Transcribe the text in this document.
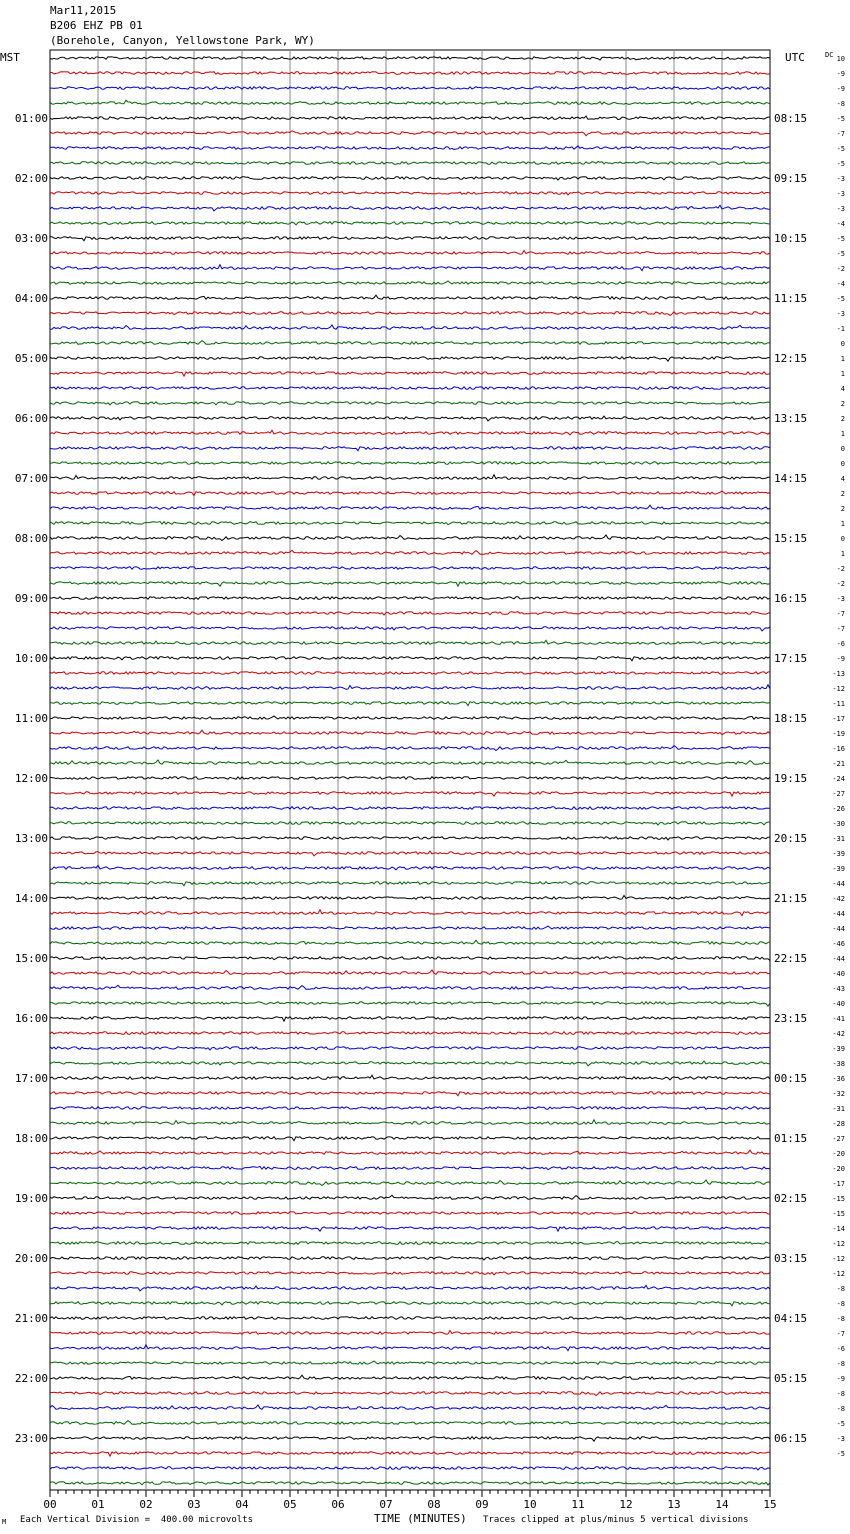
Mar11,2015
B206 EHZ PB 01
(Borehole, Canyon, Yellowstone Park, WY)
MST	UTC	DC
01:00
02:00
03:00
04:00
05:00
06:00
07:00
08:00
09:00
10:00
11:00
12:00
13:00
14:00
15:00
16:00
17:00
18:00
19:00
20:00
21:00
22:00
23:00
08:15
09:15
10:15
11:15
12:15
13:15
14:15
15:15
16:15
17:15
18:15
19:15
20:15
21:15
22:15
23:15
00:15
01:15
02:15
03:15
04:15
05:15
06:15
10
-9
-9
-8
-5
-7
-5
-5
-3
-3
-3
-4
-5
-5
-2
-4
-5
-3
-1
0
1
1
4
2
2
1
0
0
4
2
2
1
0
1
-2
-2
-3
-7
-7
-6
-9
-13
-12
-11
-17
-19
-16
-21
-24
-27
-26
-30
-31
-39
-39
-44
-42
-44
-44
-46
-44
-40
-43
-40
-41
-42
-39
-38
-36
-32
-31
-28
-27
-20
-20
-17
-15
-15
-14
-12
-12
-12
-8
-8
-8
-7
-6
-8
-9
-8
-8
-5
-3
-5
00	01	02	03	04	05	06	07	08	09	10	11	12	13	14	15
M Each Vertical Division =  400.00 microvolts	TIME (MINUTES) Traces clipped at plus/minus 5 vertical divisions
